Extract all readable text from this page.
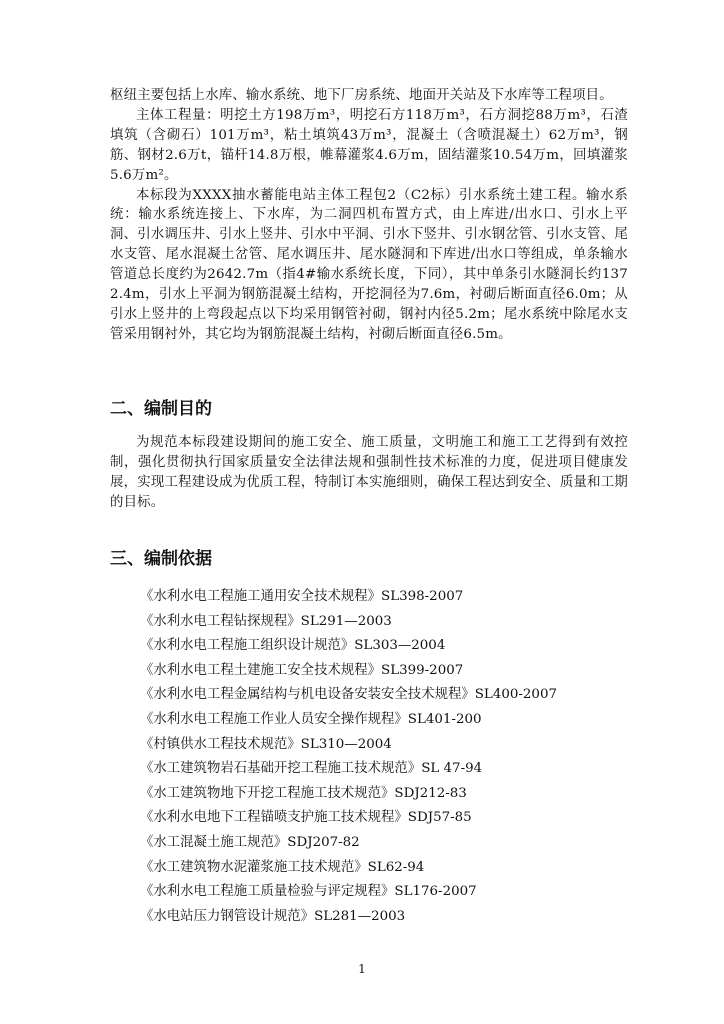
枢纽主要包括上水库、输水系统、地下厂房系统、地面开关站及下水库等工程项目。

主体工程量：明挖土方198万m³，明挖石方118万m³，石方洞挖88万m³，石渣填筑（含砌石）101万m³，粘土填筑43万m³，混凝土（含喷混凝土）62万m³，钢筋、钢材2.6万t，锚杆14.8万根，帷幕灌浆4.6万m，固结灌浆10.54万m，回填灌浆5.6万m²。

本标段为XXXX抽水蓄能电站主体工程包2（C2标）引水系统土建工程。输水系统：输水系统连接上、下水库，为二洞四机布置方式，由上库进/出水口、引水上平洞、引水调压井、引水上竖井、引水中平洞、引水下竖井、引水钢岔管、引水支管、尾水支管、尾水混凝土岔管、尾水调压井、尾水隧洞和下库进/出水口等组成，单条输水管道总长度约为2642.7m（指4#输水系统长度，下同），其中单条引水隧洞长约1372.4m，引水上平洞为钢筋混凝土结构，开挖洞径为7.6m，衬砌后断面直径6.0m；从引水上竖井的上弯段起点以下均采用钢管衬砌，钢衬内径5.2m；尾水系统中除尾水支管采用钢衬外，其它均为钢筋混凝土结构，衬砌后断面直径6.5m。

二、编制目的

为规范本标段建设期间的施工安全、施工质量，文明施工和施工工艺得到有效控制，强化贯彻执行国家质量安全法律法规和强制性技术标准的力度，促进项目健康发展，实现工程建设成为优质工程，特制订本实施细则，确保工程达到安全、质量和工期的目标。

三、编制依据
《水利水电工程施工通用安全技术规程》SL398-2007
《水利水电工程钻探规程》SL291—2003
《水利水电工程施工组织设计规范》SL303—2004
《水利水电工程土建施工安全技术规程》SL399-2007
《水利水电工程金属结构与机电设备安装安全技术规程》SL400-2007
《水利水电工程施工作业人员安全操作规程》SL401-200
《村镇供水工程技术规范》SL310—2004
《水工建筑物岩石基础开挖工程施工技术规范》SL 47-94
《水工建筑物地下开挖工程施工技术规范》SDJ212-83
《水利水电地下工程锚喷支护施工技术规程》SDJ57-85
《水工混凝土施工规范》SDJ207-82
《水工建筑物水泥灌浆施工技术规范》SL62-94
《水利水电工程施工质量检验与评定规程》SL176-2007
《水电站压力钢管设计规范》SL281—2003
1
